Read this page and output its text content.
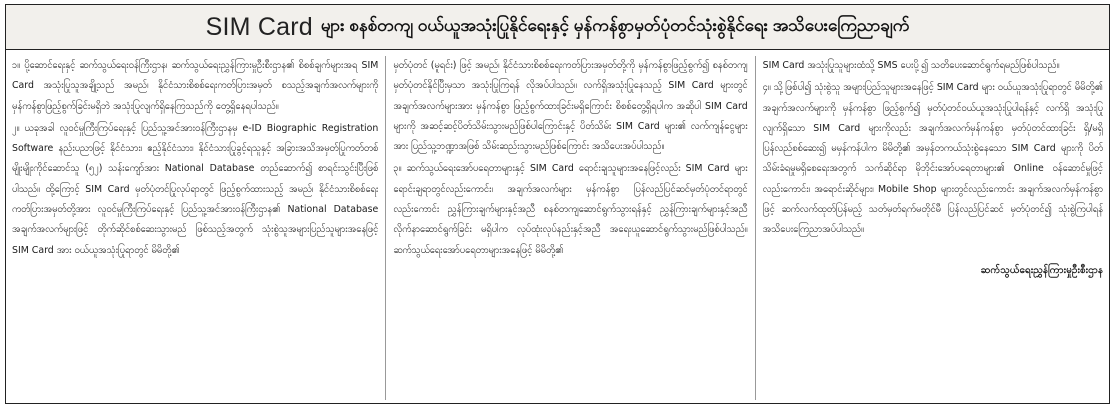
SIM Card များ စနစ်တကျ ဝယ်ယူအသုံးပြုနိုင်ရေးနှင့် မှန်ကန်စွာမှတ်ပုံတင်သုံးစွဲနိုင်ရေး အသိပေးကြေညာချက်

၁။ ပို့ဆောင်ရေးနှင့် ဆက်သွယ်ရေးဝန်ကြီးဌာန၊ ဆက်သွယ်ရေးညွှန်ကြားမှုဦးစီးဌာန၏ စိစစ်ချက်များအရ SIM Card အသုံးပြုသူအချို့သည် အမည်၊ နိုင်ငံသားစိစစ်ရေးကတ်ပြားအမှတ် စသည့်အချက်အလက်များကို မှန်ကန်စွာဖြည့်စွက်ခြင်းမရှိဘဲ အသုံးပြုလျက်ရှိနေကြသည်ကို တွေ့ရှိနေရပါသည်။

၂။ ယခုအခါ လူဝင်မှုကြီးကြပ်ရေးနှင့် ပြည်သူ့အင်အားဝန်ကြီးဌာနမှ e-ID Biographic Registration Software နည်းပညာဖြင့် နိုင်ငံသား၊ ဧည့်နိုင်ငံသား၊ နိုင်ငံသားပြုခွင့်ရသူနှင့် အခြားအသိအမှတ်ပြုကတ်တစ်မျိုးမျိုးကိုင်ဆောင်သူ (၅၂) သန်းကျော်အား National Database တည်ဆောက်၍ စာရင်းသွင်းပြီးဖြစ်ပါသည်။ ထို့ကြောင့် SIM Card မှတ်ပုံတင်ပြုလုပ်ရာတွင် ဖြည့်စွက်ထားသည့် အမည်၊ နိုင်ငံသားစိစစ်ရေးကတ်ပြားအမှတ်တို့အား လူဝင်မှုကြီးကြပ်ရေးနှင့် ပြည်သူ့အင်အားဝန်ကြီးဌာန၏ National Database အချက်အလက်များဖြင့် တိုက်ဆိုင်စစ်ဆေးသွားမည် ဖြစ်သည့်အတွက် သုံးစွဲသူအများပြည်သူများအနေဖြင့် SIM Card အား ဝယ်ယူအသုံးပြုရာတွင် မိမိတို့၏

မှတ်ပုံတင် (မူရင်း) ဖြင့် အမည်၊ နိုင်ငံသားစိစစ်ရေးကတ်ပြားအမှတ်တို့ကို မှန်ကန်စွာဖြည့်စွက်၍ စနစ်တကျမှတ်ပုံတင်နိုင်ပြီးမှသာ အသုံးပြုကြရန် လိုအပ်ပါသည်။ လက်ရှိအသုံးပြုနေသည့် SIM Card များတွင် အချက်အလက်များအား မှန်ကန်စွာ ဖြည့်စွက်ထားခြင်းမရှိကြောင်း စိစစ်တွေ့ရှိရပါက အဆိုပါ SIM Card များကို အဆင့်ဆင့်ပိတ်သိမ်းသွားမည်ဖြစ်ပါကြောင်းနှင့် ပိတ်သိမ်း SIM Card များ၏ လက်ကျန်ငွေများအား ပြည်သူ့ဘဏ္ဍာအဖြစ် သိမ်းဆည်းသွားမည်ဖြစ်ကြောင်း အသိပေးအပ်ပါသည်။

၃။ ဆက်သွယ်ရေးအော်ပရေတာများနှင့် SIM Card ရောင်းချသူများအနေဖြင့်လည်း SIM Card များ ရောင်းချရာတွင်လည်းကောင်း၊ အချက်အလက်များ မှန်ကန်စွာ ပြန်လည်ပြင်ဆင်မှတ်ပုံတင်ရာတွင် လည်းကောင်း ညွှန်ကြားချက်များနှင့်အညီ စနစ်တကျဆောင်ရွက်သွားရန်နှင့် ညွှန်ကြားချက်များနှင့်အညီ လိုက်နာဆောင်ရွက်ခြင်း မရှိပါက လုပ်ထုံးလုပ်နည်းနှင့်အညီ အရေးယူဆောင်ရွက်သွားမည်ဖြစ်ပါသည်။ ဆက်သွယ်ရေးအော်ပရေတာများအနေဖြင့် မိမိတို့၏

SIM Card အသုံးပြုသူများထံသို့ SMS ပေးပို့၍ သတိပေးဆောင်ရွက်ရမည်ဖြစ်ပါသည်။

၄။ သို့ဖြစ်ပါ၍ သုံးစွဲသူ အများပြည်သူများအနေဖြင့် SIM Card များ ဝယ်ယူအသုံးပြုရာတွင် မိမိတို့၏ အချက်အလက်များကို မှန်ကန်စွာ ဖြည့်စွက်၍ မှတ်ပုံတင်ဝယ်ယူအသုံးပြုပါရန်နှင့် လက်ရှိ အသုံးပြုလျက်ရှိသော SIM Card များကိုလည်း အချက်အလက်မှန်ကန်စွာ မှတ်ပုံတင်ထားခြင်း ရှိ/မရှိ ပြန်လည်စစ်ဆေး၍ မမှန်ကန်ပါက မိမိတို့၏ အမှန်တကယ်သုံးစွဲနေသော SIM Card များကို ပိတ်သိမ်းခံရမှုမရှိစေရေးအတွက် သက်ဆိုင်ရာ မိုဘိုင်းအော်ပရေတာများ၏ Online ဝန်ဆောင်မှုဖြင့်လည်းကောင်း၊ အရောင်းဆိုင်များ၊ Mobile Shop များတွင်လည်းကောင်း အချက်အလက်မှန်ကန်စွာဖြင့် ဆက်လက်ထုတ်ပြန်မည့် သတ်မှတ်ရက်မတိုင်မီ ပြန်လည်ပြင်ဆင် မှတ်ပုံတင်၍ သုံးစွဲကြပါရန် အသိပေးကြေညာအပ်ပါသည်။

ဆက်သွယ်ရေးညွှန်ကြားမှုဦးစီးဌာန
